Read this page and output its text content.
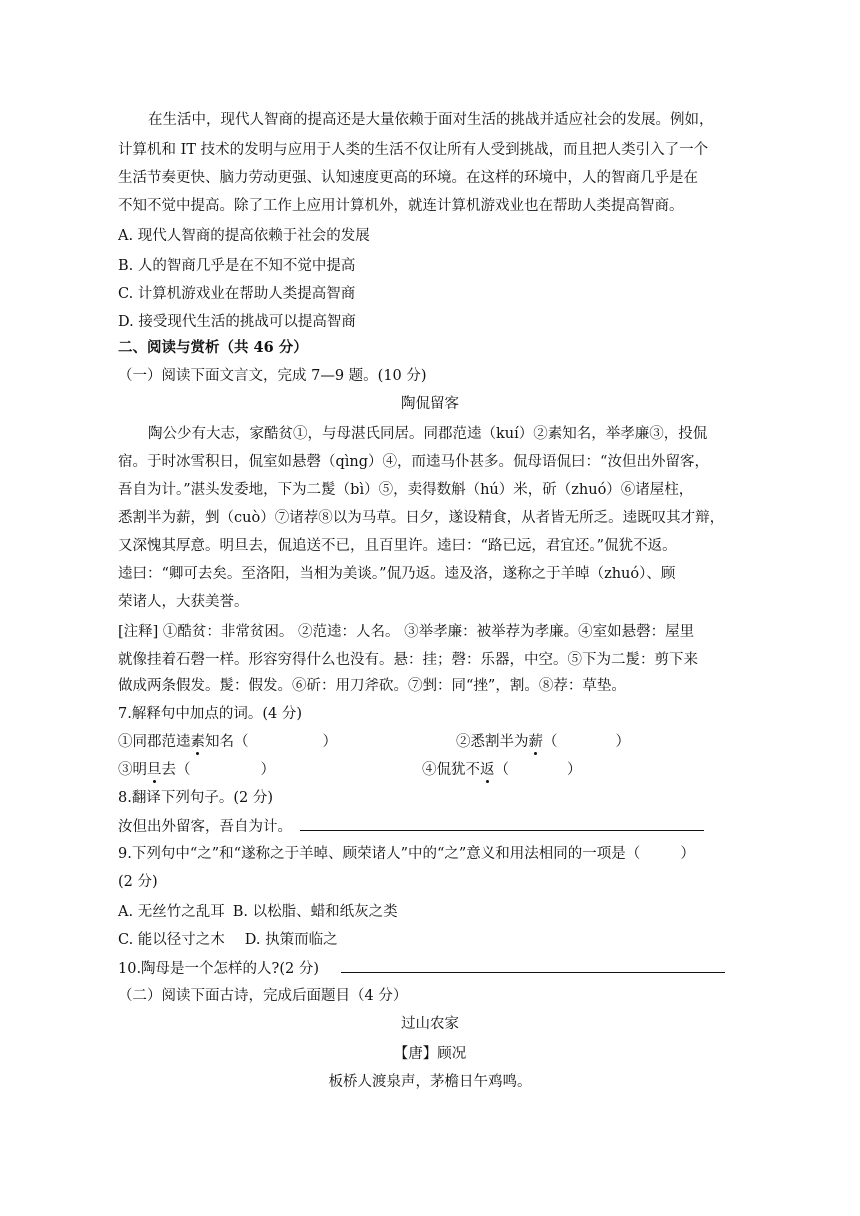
在生活中，现代人智商的提高还是大量依赖于面对生活的挑战并适应社会的发展。例如，
计算机和 IT 技术的发明与应用于人类的生活不仅让所有人受到挑战，而且把人类引入了一个
生活节奏更快、脑力劳动更强、认知速度更高的环境。在这样的环境中，人的智商几乎是在
不知不觉中提高。除了工作上应用计算机外，就连计算机游戏业也在帮助人类提高智商。
A. 现代人智商的提高依赖于社会的发展
B. 人的智商几乎是在不知不觉中提高
C. 计算机游戏业在帮助人类提高智商
D. 接受现代生活的挑战可以提高智商
二、阅读与赏析（共 46 分）
（一）阅读下面文言文，完成 7—9 题。(10 分)
陶侃留客
陶公少有大志，家酷贫①，与母湛氏同居。同郡范逵（kuí）②素知名，举孝廉③，投侃
宿。于时冰雪积日，侃室如悬磬（qìng）④，而逵马仆甚多。侃母语侃曰：“汝但出外留客，
吾自为计。”湛头发委地，下为二髲（bì）⑤，卖得数斛（hú）米，斫（zhuó）⑥诸屋柱，
悉割半为薪，剉（cuò）⑦诸荐⑧以为马草。日夕，遂设精食，从者皆无所乏。逵既叹其才辩，
又深愧其厚意。明旦去，侃追送不已，且百里许。逵曰：“路已远，君宜还。”侃犹不返。
逵曰：“卿可去矣。至洛阳，当相为美谈。”侃乃返。逵及洛，遂称之于羊晫（zhuó）、顾
荣诸人，大获美誉。
[注释] ①酷贫：非常贫困。 ②范逵：人名。 ③举孝廉：被举荐为孝廉。④室如悬磬：屋里
就像挂着石磬一样。形容穷得什么也没有。悬：挂；磬：乐器，中空。⑤下为二髲：剪下来
做成两条假发。髲：假发。⑥斫：用刀斧砍。⑦剉：同“挫”，割。⑧荐：草垫。
7.解释句中加点的词。(4 分)
①同郡范逵素知名（	）	②悉割半为薪（	）
③明旦去（	）	④侃犹不返（	）
8.翻译下列句子。(2 分)
汝但出外留客，吾自为计。
9.下列句中“之”和“遂称之于羊晫、顾荣诸人”中的“之”意义和用法相同的一项是（	）
(2 分)
A. 无丝竹之乱耳 B. 以松脂、蜡和纸灰之类
C. 能以径寸之木 D. 执策而临之
10.陶母是一个怎样的人?(2 分)
（二）阅读下面古诗，完成后面题目（4 分）
过山农家
【唐】顾况
板桥人渡泉声，茅檐日午鸡鸣。
